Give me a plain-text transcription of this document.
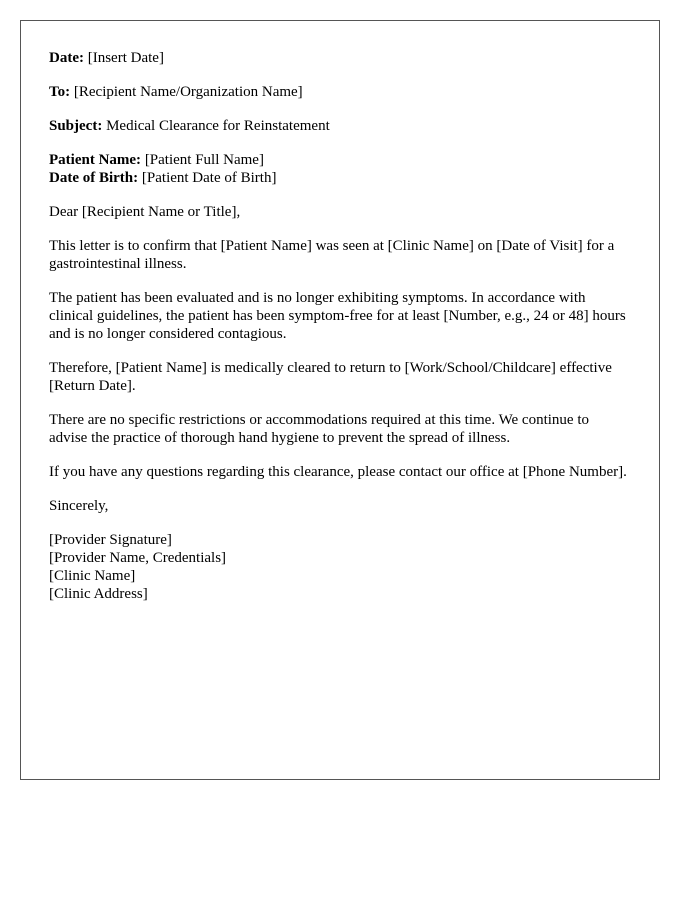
Date: [Insert Date]

To: [Recipient Name/Organization Name]

Subject: Medical Clearance for Reinstatement

Patient Name: [Patient Full Name]

Date of Birth: [Patient Date of Birth]

Dear [Recipient Name or Title],

This letter is to confirm that [Patient Name] was seen at [Clinic Name] on [Date of Visit] for a gastrointestinal illness.

The patient has been evaluated and is no longer exhibiting symptoms. In accordance with clinical guidelines, the patient has been symptom-free for at least [Number, e.g., 24 or 48] hours and is no longer considered contagious.

Therefore, [Patient Name] is medically cleared to return to [Work/School/Childcare] effective [Return Date].

There are no specific restrictions or accommodations required at this time. We continue to advise the practice of thorough hand hygiene to prevent the spread of illness.

If you have any questions regarding this clearance, please contact our office at [Phone Number].

Sincerely,

[Provider Signature]

[Provider Name, Credentials]

[Clinic Name]

[Clinic Address]
